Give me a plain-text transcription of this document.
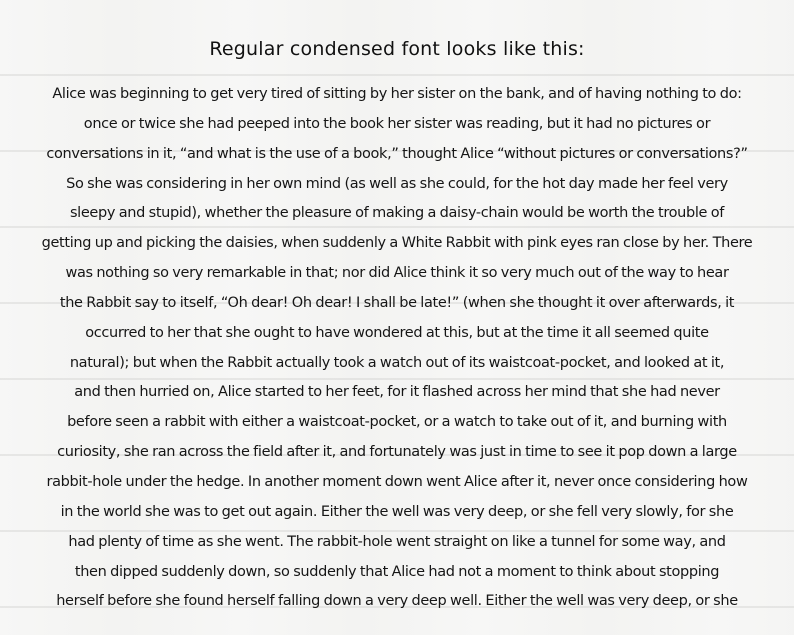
Regular condensed font looks like this:
Alice was beginning to get very tired of sitting by her sister on the bank, and of having nothing to do:
once or twice she had peeped into the book her sister was reading, but it had no pictures or
conversations in it, “and what is the use of a book,” thought Alice “without pictures or conversations?”
So she was considering in her own mind (as well as she could, for the hot day made her feel very
sleepy and stupid), whether the pleasure of making a daisy-chain would be worth the trouble of
getting up and picking the daisies, when suddenly a White Rabbit with pink eyes ran close by her. There
was nothing so very remarkable in that; nor did Alice think it so very much out of the way to hear
the Rabbit say to itself, “Oh dear! Oh dear! I shall be late!” (when she thought it over afterwards, it
occurred to her that she ought to have wondered at this, but at the time it all seemed quite
natural); but when the Rabbit actually took a watch out of its waistcoat-pocket, and looked at it,
and then hurried on, Alice started to her feet, for it flashed across her mind that she had never
before seen a rabbit with either a waistcoat-pocket, or a watch to take out of it, and burning with
curiosity, she ran across the field after it, and fortunately was just in time to see it pop down a large
rabbit-hole under the hedge. In another moment down went Alice after it, never once considering how
in the world she was to get out again. Either the well was very deep, or she fell very slowly, for she
had plenty of time as she went. The rabbit-hole went straight on like a tunnel for some way, and
then dipped suddenly down, so suddenly that Alice had not a moment to think about stopping
herself before she found herself falling down a very deep well. Either the well was very deep, or she
